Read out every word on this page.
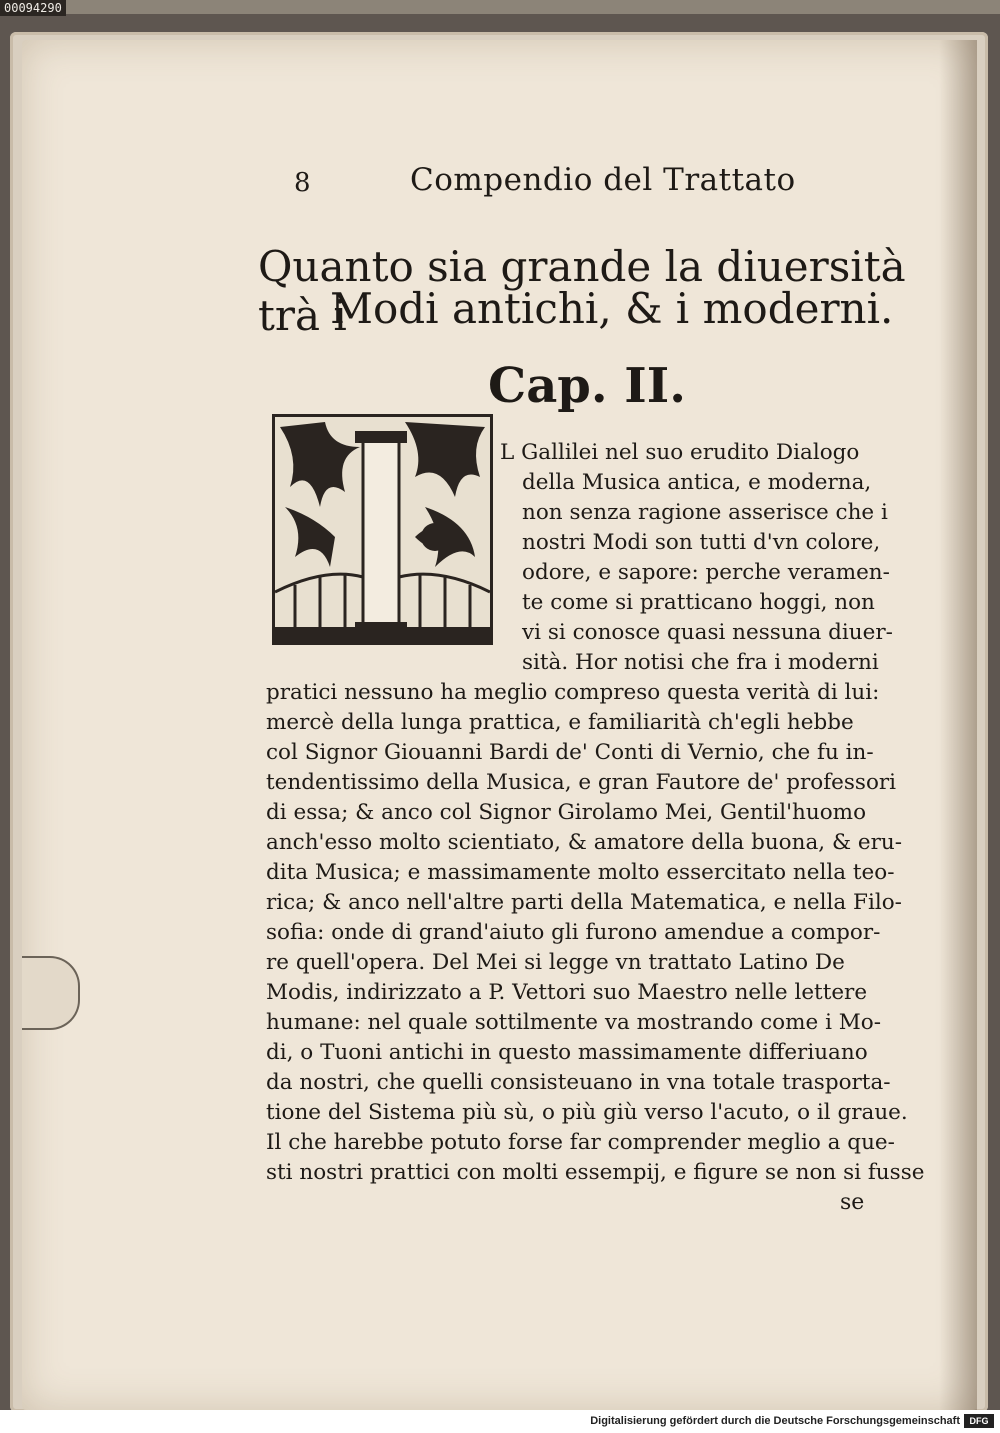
8	Compendio del Trattato
Quanto sia grande la diuersità trà i
Modi antichi, & i moderni.
Cap. II.
L Gallilei nel suo erudito Dialogo
della Musica antica, e moderna,
non senza ragione asserisce che i
nostri Modi son tutti d'vn colore,
odore, e sapore: perche veramen-
te come si pratticano hoggi, non
vi si conosce quasi nessuna diuer-
sità. Hor notisi che fra i moderni
pratici nessuno ha meglio compreso questa verità di lui:
mercè della lunga prattica, e familiarità ch'egli hebbe
col Signor Giouanni Bardi de' Conti di Vernio, che fu in-
tendentissimo della Musica, e gran Fautore de' professori
di essa; & anco col Signor Girolamo Mei, Gentil'huomo
anch'esso molto scientiato, & amatore della buona, & eru-
dita Musica; e massimamente molto essercitato nella teo-
rica; & anco nell'altre parti della Matematica, e nella Filo-
sofia: onde di grand'aiuto gli furono amendue a compor-
re quell'opera. Del Mei si legge vn trattato Latino De
Modis, indirizzato a P. Vettori suo Maestro nelle lettere
humane: nel quale sottilmente va mostrando come i Mo-
di, o Tuoni antichi in questo massimamente differiuano
da nostri, che quelli consisteuano in vna totale trasporta-
tione del Sistema più sù, o più giù verso l'acuto, o il graue.
Il che harebbe potuto forse far comprender meglio a que-
sti nostri prattici con molti essempij, e figure se non si fusse
se
00094290
Digitalisierung gefördert durch die Deutsche Forschungsgemeinschaft	DFG
